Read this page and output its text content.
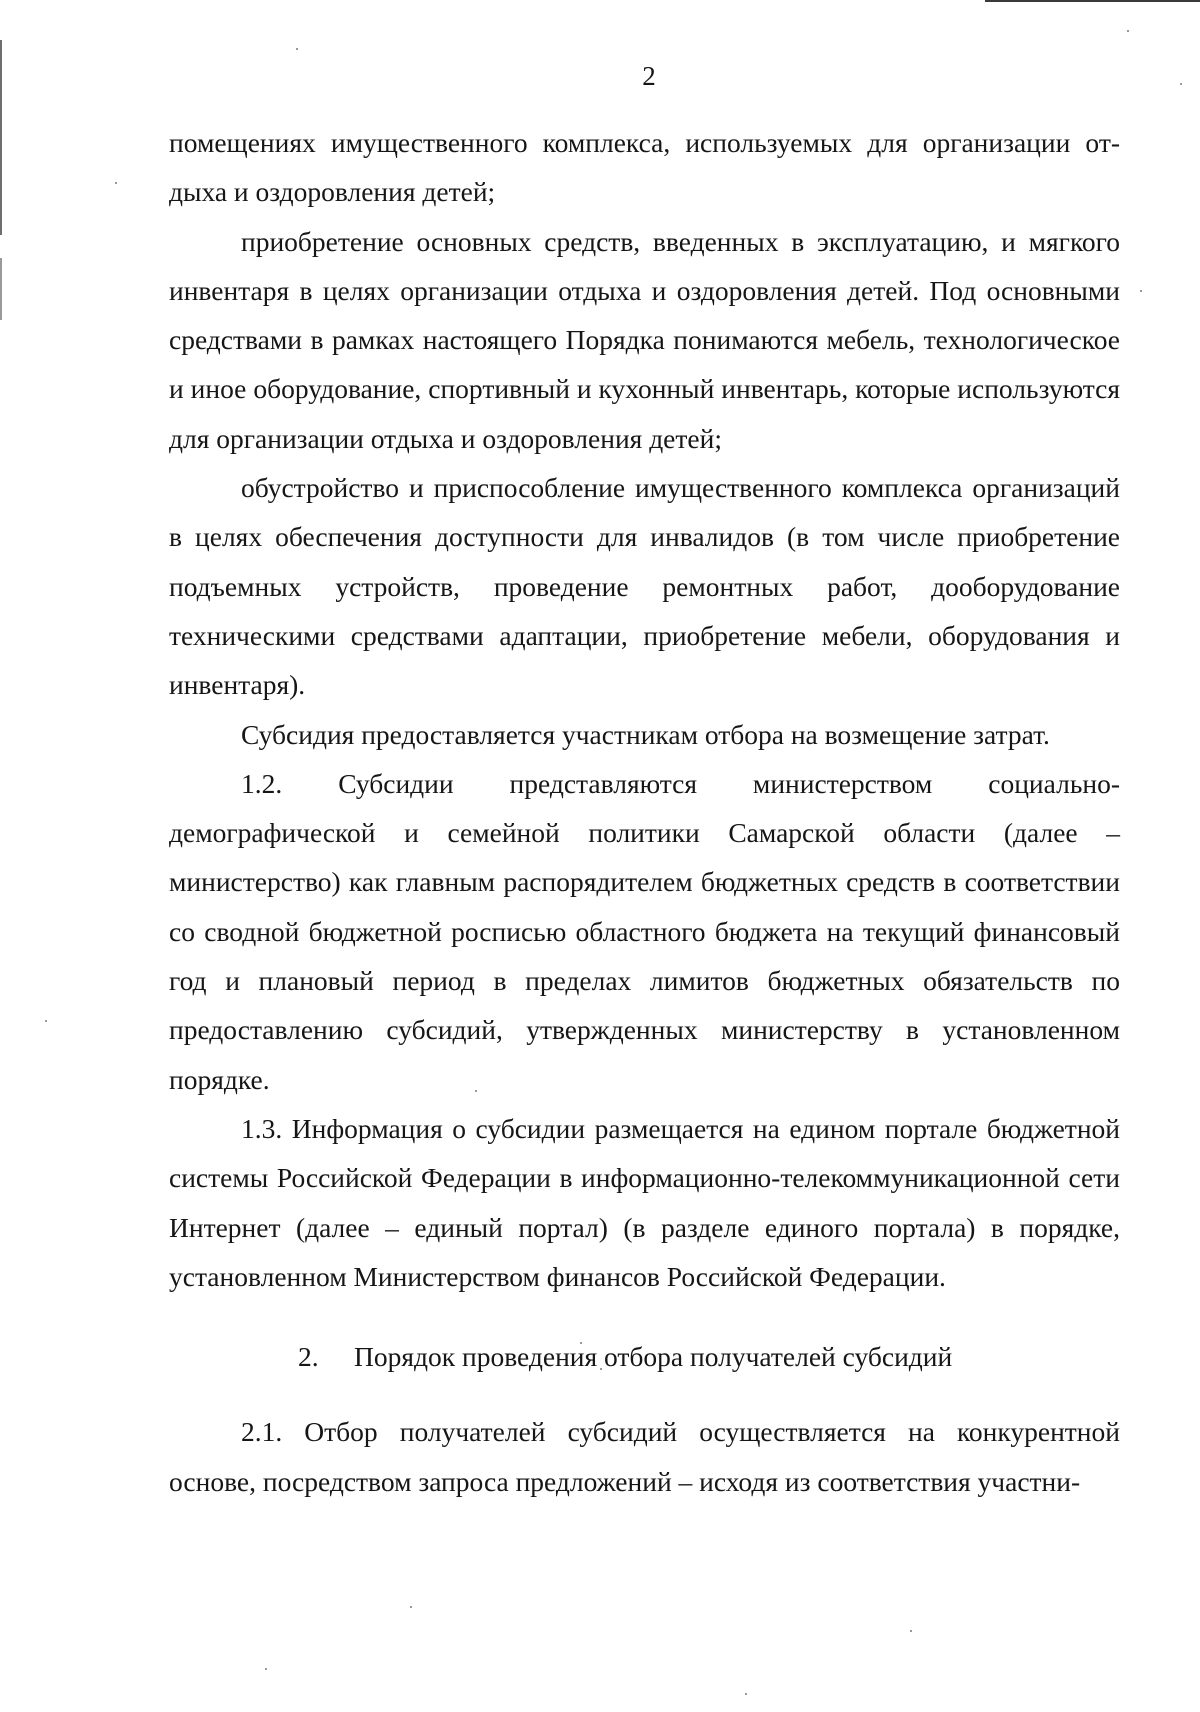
2

помещениях имущественного комплекса, используемых для организации от-дыха и оздоровления детей;

приобретение основных средств, введенных в эксплуатацию, и мягкого инвентаря в целях организации отдыха и оздоровления детей. Под основными средствами в рамках настоящего Порядка понимаются мебель, технологическое и иное оборудование, спортивный и кухонный инвентарь, которые используются для организации отдыха и оздоровления детей;

обустройство и приспособление имущественного комплекса организаций в целях обеспечения доступности для инвалидов (в том числе приобретение подъемных устройств, проведение ремонтных работ, дооборудование техническими средствами адаптации, приобретение мебели, оборудования и инвентаря).

Субсидия предоставляется участникам отбора на возмещение затрат.

1.2. Субсидии представляются министерством социально-демографической и семейной политики Самарской области (далее – министерство) как главным распорядителем бюджетных средств в соответствии со сводной бюджетной росписью областного бюджета на текущий финансовый год и плановый период в пределах лимитов бюджетных обязательств по предоставлению субсидий, утвержденных министерству в установленном порядке.

1.3. Информация о субсидии размещается на едином портале бюджетной системы Российской Федерации в информационно-телекоммуникационной сети Интернет (далее – единый портал) (в разделе единого портала) в порядке, установленном Министерством финансов Российской Федерации.

2. Порядок проведения отбора получателей субсидий

2.1. Отбор получателей субсидий осуществляется на конкурентной основе, посредством запроса предложений – исходя из соответствия участни-
